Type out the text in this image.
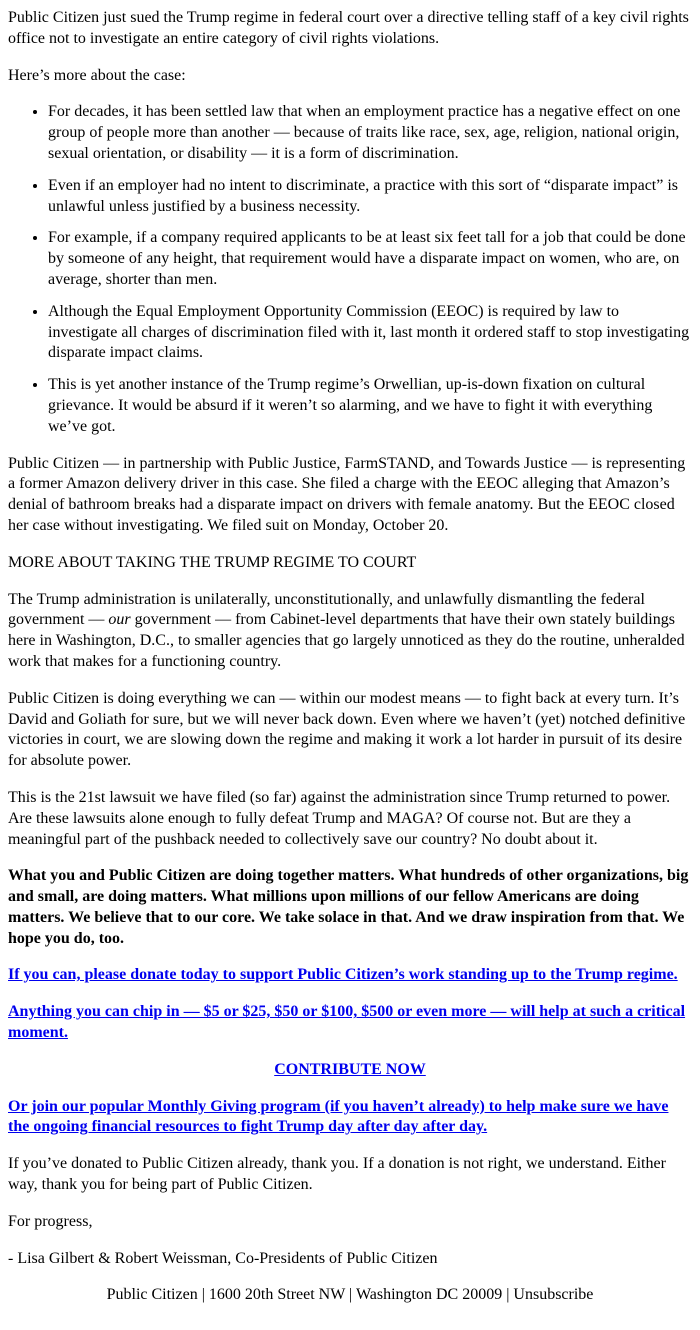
Public Citizen just sued the Trump regime in federal court over a directive telling staff of a key civil rights office not to investigate an entire category of civil rights violations.

Here’s more about the case:

• For decades, it has been settled law that when an employment practice has a negative effect on one group of people more than another — because of traits like race, sex, age, religion, national origin, sexual orientation, or disability — it is a form of discrimination.
• Even if an employer had no intent to discriminate, a practice with this sort of “disparate impact” is unlawful unless justified by a business necessity.
• For example, if a company required applicants to be at least six feet tall for a job that could be done by someone of any height, that requirement would have a disparate impact on women, who are, on average, shorter than men.
• Although the Equal Employment Opportunity Commission (EEOC) is required by law to investigate all charges of discrimination filed with it, last month it ordered staff to stop investigating disparate impact claims.
• This is yet another instance of the Trump regime’s Orwellian, up-is-down fixation on cultural grievance. It would be absurd if it weren’t so alarming, and we have to fight it with everything we’ve got.

Public Citizen — in partnership with Public Justice, FarmSTAND, and Towards Justice — is representing a former Amazon delivery driver in this case. She filed a charge with the EEOC alleging that Amazon’s denial of bathroom breaks had a disparate impact on drivers with female anatomy. But the EEOC closed her case without investigating. We filed suit on Monday, October 20.

MORE ABOUT TAKING THE TRUMP REGIME TO COURT

The Trump administration is unilaterally, unconstitutionally, and unlawfully dismantling the federal government — our government — from Cabinet-level departments that have their own stately buildings here in Washington, D.C., to smaller agencies that go largely unnoticed as they do the routine, unheralded work that makes for a functioning country.

Public Citizen is doing everything we can — within our modest means — to fight back at every turn. It’s David and Goliath for sure, but we will never back down. Even where we haven’t (yet) notched definitive victories in court, we are slowing down the regime and making it work a lot harder in pursuit of its desire for absolute power.

This is the 21st lawsuit we have filed (so far) against the administration since Trump returned to power. Are these lawsuits alone enough to fully defeat Trump and MAGA? Of course not. But are they a meaningful part of the pushback needed to collectively save our country? No doubt about it.

What you and Public Citizen are doing together matters. What hundreds of other organizations, big and small, are doing matters. What millions upon millions of our fellow Americans are doing matters. We believe that to our core. We take solace in that. And we draw inspiration from that. We hope you do, too.

If you can, please donate today to support Public Citizen’s work standing up to the Trump regime.

Anything you can chip in — $5 or $25, $50 or $100, $500 or even more — will help at such a critical moment.

CONTRIBUTE NOW

Or join our popular Monthly Giving program (if you haven’t already) to help make sure we have the ongoing financial resources to fight Trump day after day after day.

If you’ve donated to Public Citizen already, thank you. If a donation is not right, we understand. Either way, thank you for being part of Public Citizen.

For progress,

- Lisa Gilbert & Robert Weissman, Co-Presidents of Public Citizen

Public Citizen | 1600 20th Street NW | Washington DC 20009 | Unsubscribe
